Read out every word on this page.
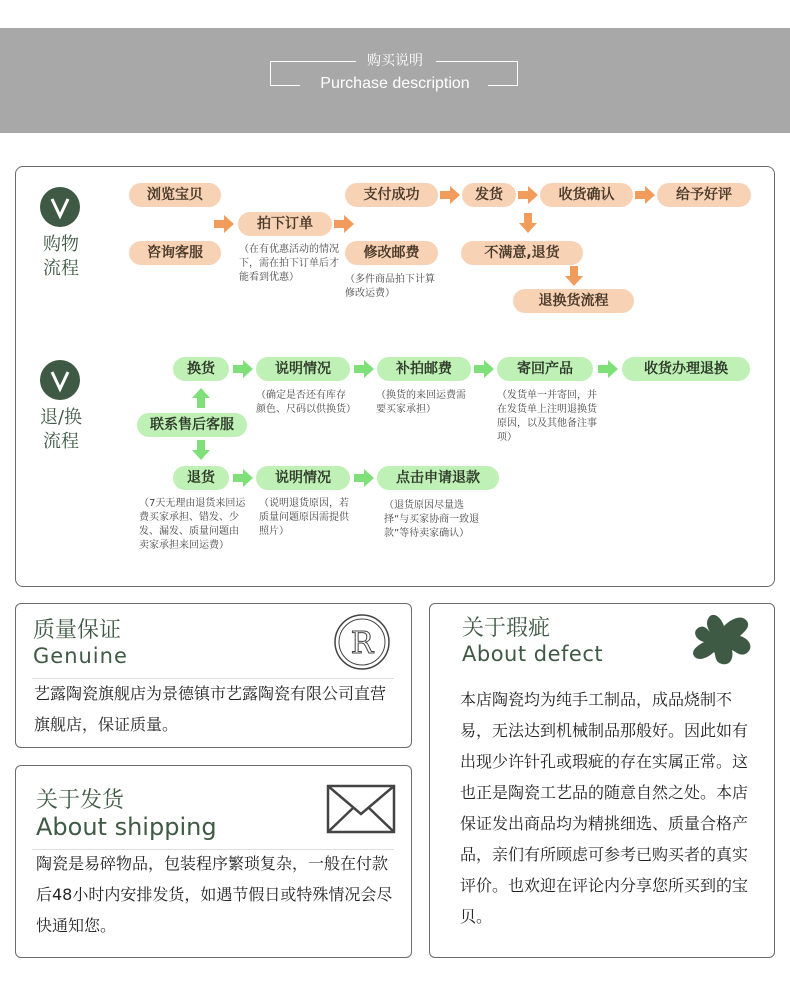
购买说明
Purchase description
购物
流程
浏览宝贝
咨询客服
拍下订单
（在有优惠活动的情况下，需在拍下订单后才能看到优惠）
支付成功
修改邮费
（多件商品拍下计算修改运费）
发货
不满意,退货
收货确认	给予好评
退换货流程
退/换
流程
换货
联系售后客服
退货
（7天无理由退货来回运费买家承担、错发、少发、漏发、质量问题由卖家承担来回运费）
说明情况
（确定是否还有库存颜色、尺码以供换货）
说明情况
（说明退货原因，若质量问题原因需提供照片）
补拍邮费
（换货的来回运费需要买家承担）
点击申请退款
（退货原因尽量选择“与买家协商一致退款”等待卖家确认）
寄回产品
（发货单一并寄回，并在发货单上注明退换货原因，以及其他备注事项）
收货办理退换
质量保证
Genuine	R
艺露陶瓷旗舰店为景德镇市艺露陶瓷有限公司直营旗舰店，保证质量。
关于发货
About shipping
陶瓷是易碎物品，包装程序繁琐复杂，一般在付款后48小时内安排发货，如遇节假日或特殊情况会尽快通知您。
关于瑕疵
About defect
本店陶瓷均为纯手工制品，成品烧制不易，无法达到机械制品那般好。因此如有出现少许针孔或瑕疵的存在实属正常。这也正是陶瓷工艺品的随意自然之处。本店保证发出商品均为精挑细选、质量合格产品，亲们有所顾虑可参考已购买者的真实评价。也欢迎在评论内分享您所买到的宝贝。
